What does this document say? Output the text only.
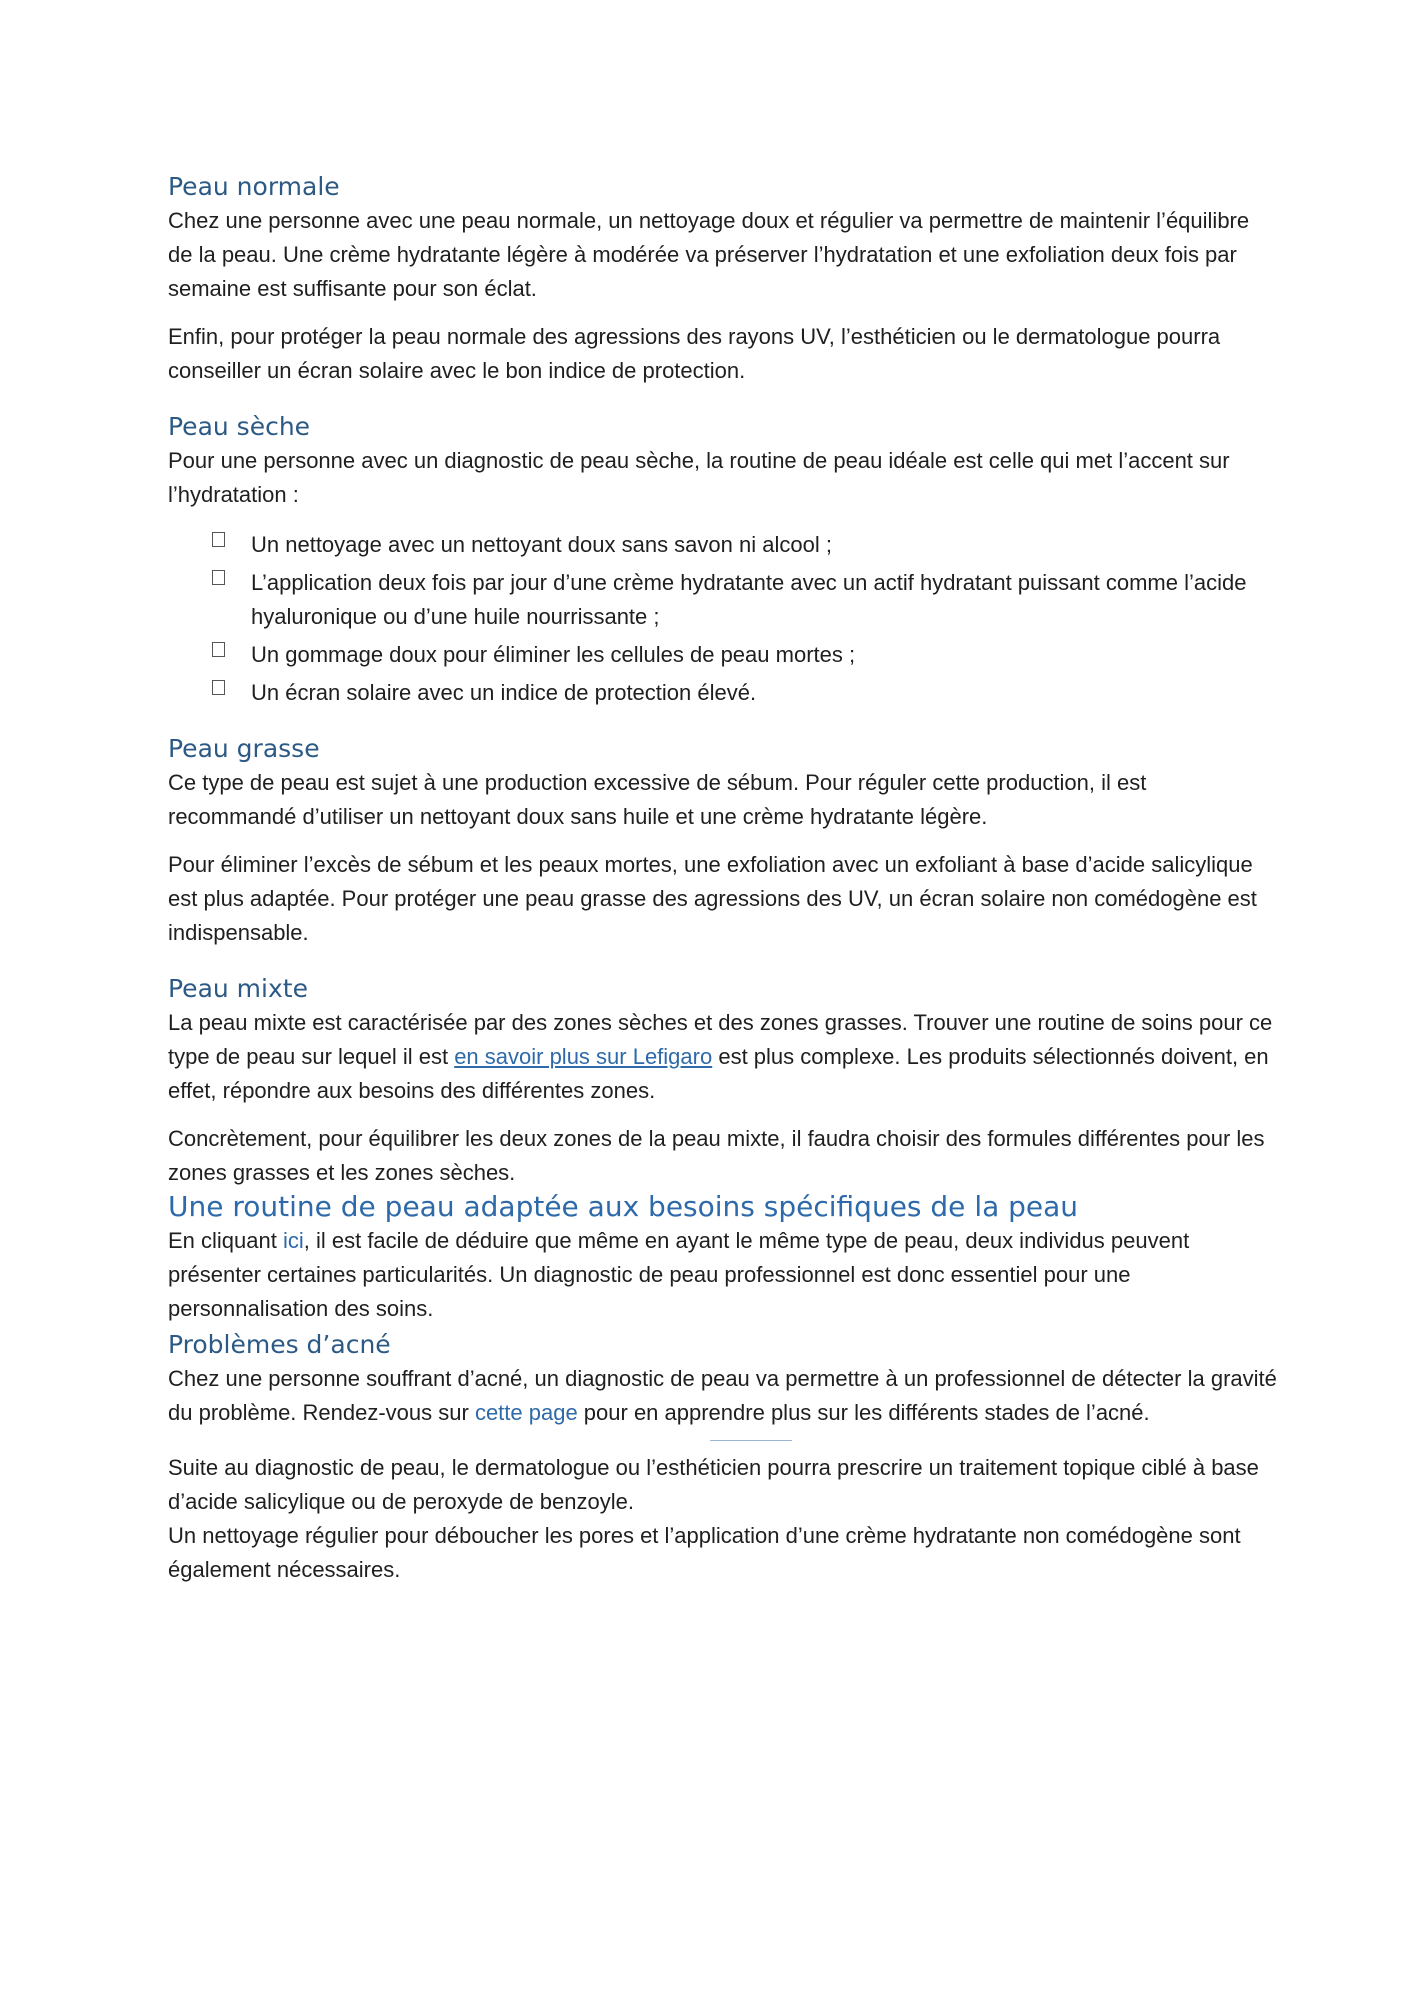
Peau normale

Chez une personne avec une peau normale, un nettoyage doux et régulier va permettre de maintenir l’équilibre de la peau. Une crème hydratante légère à modérée va préserver l’hydratation et une exfoliation deux fois par semaine est suffisante pour son éclat.

Enfin, pour protéger la peau normale des agressions des rayons UV, l’esthéticien ou le dermatologue pourra conseiller un écran solaire avec le bon indice de protection.

Peau sèche

Pour une personne avec un diagnostic de peau sèche, la routine de peau idéale est celle qui met l’accent sur l’hydratation :

Un nettoyage avec un nettoyant doux sans savon ni alcool ;
L’application deux fois par jour d’une crème hydratante avec un actif hydratant puissant comme l’acide hyaluronique ou d’une huile nourrissante ;
Un gommage doux pour éliminer les cellules de peau mortes ;
Un écran solaire avec un indice de protection élevé.
Peau grasse

Ce type de peau est sujet à une production excessive de sébum. Pour réguler cette production, il est recommandé d’utiliser un nettoyant doux sans huile et une crème hydratante légère.

Pour éliminer l’excès de sébum et les peaux mortes, une exfoliation avec un exfoliant à base d’acide salicylique est plus adaptée. Pour protéger une peau grasse des agressions des UV, un écran solaire non comédogène est indispensable.

Peau mixte

La peau mixte est caractérisée par des zones sèches et des zones grasses. Trouver une routine de soins pour ce type de peau sur lequel il est en savoir plus sur Lefigaro est plus complexe. Les produits sélectionnés doivent, en effet, répondre aux besoins des différentes zones.

Concrètement, pour équilibrer les deux zones de la peau mixte, il faudra choisir des formules différentes pour les zones grasses et les zones sèches.

Une routine de peau adaptée aux besoins spécifiques de la peau

En cliquant ici, il est facile de déduire que même en ayant le même type de peau, deux individus peuvent présenter certaines particularités. Un diagnostic de peau professionnel est donc essentiel pour une personnalisation des soins.

Problèmes d’acné

Chez une personne souffrant d’acné, un diagnostic de peau va permettre à un professionnel de détecter la gravité du problème. Rendez-vous sur cette page pour en apprendre plus sur les différents stades de l’acné.

Suite au diagnostic de peau, le dermatologue ou l’esthéticien pourra prescrire un traitement topique ciblé à base d’acide salicylique ou de peroxyde de benzoyle.

Un nettoyage régulier pour déboucher les pores et l’application d’une crème hydratante non comédogène sont également nécessaires.
